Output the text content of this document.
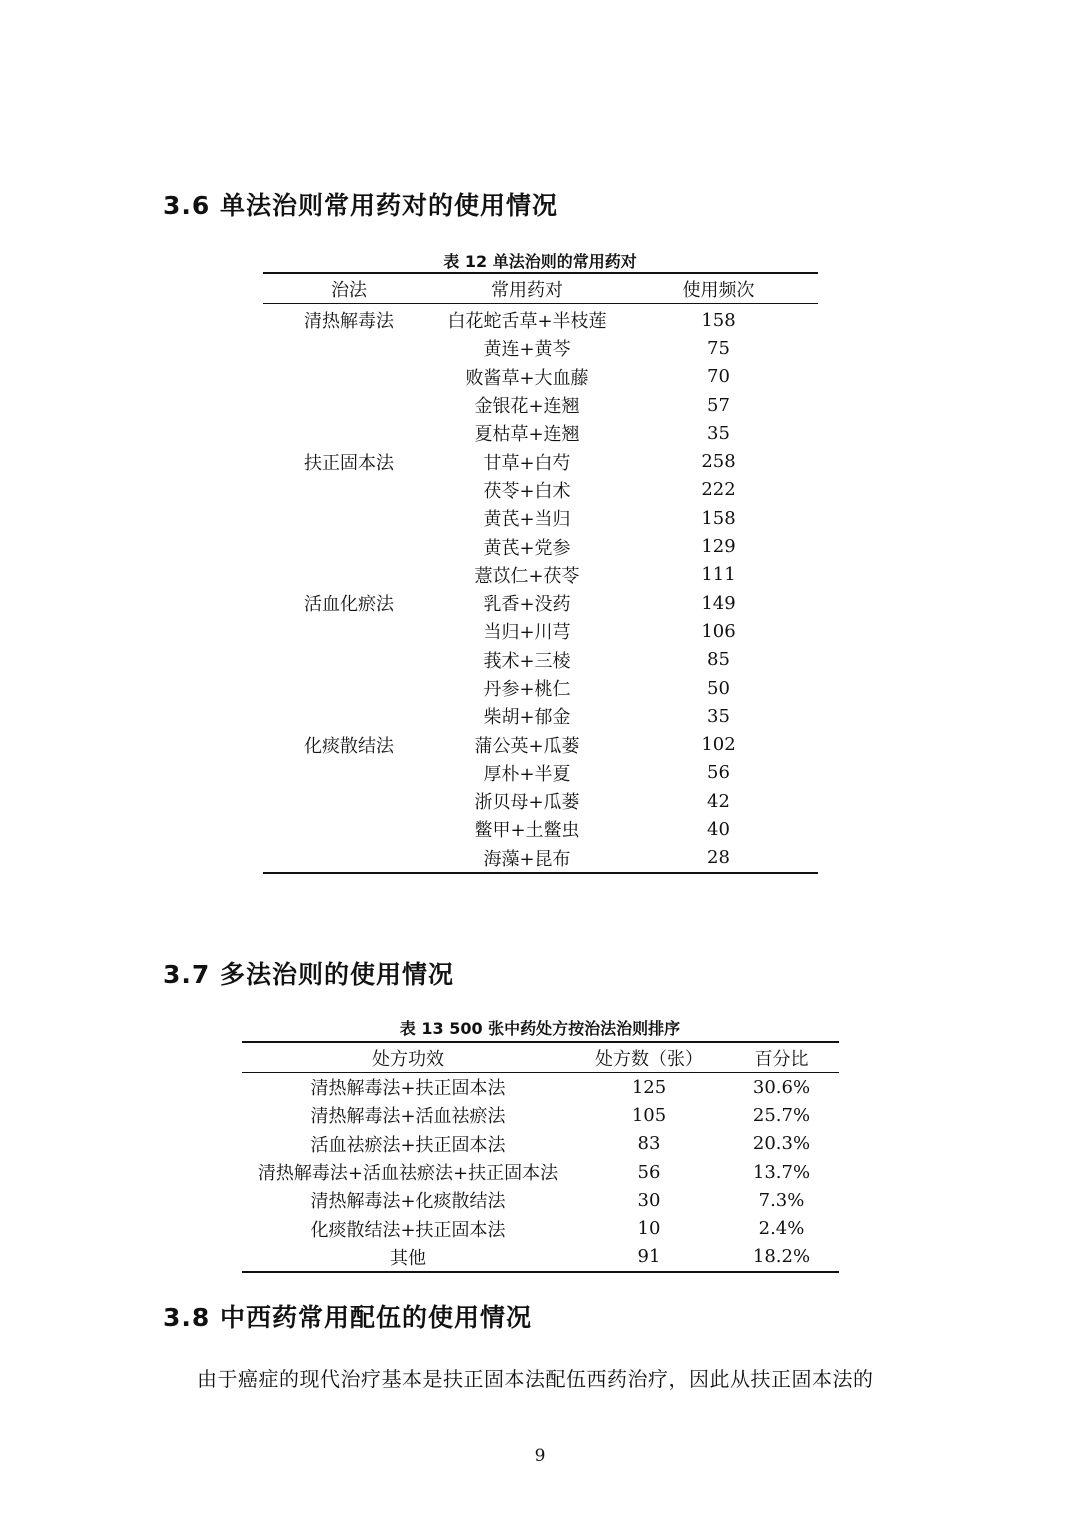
3.6 单法治则常用药对的使用情况
表 12 单法治则的常用药对
治法	常用药对	使用频次
清热解毒法	白花蛇舌草+半枝莲	158
	黄连+黄芩	75
	败酱草+大血藤	70
	金银花+连翘	57
	夏枯草+连翘	35
扶正固本法	甘草+白芍	258
	茯苓+白术	222
	黄芪+当归	158
	黄芪+党参	129
	薏苡仁+茯苓	111
活血化瘀法	乳香+没药	149
	当归+川芎	106
	莪术+三棱	85
	丹参+桃仁	50
	柴胡+郁金	35
化痰散结法	蒲公英+瓜蒌	102
	厚朴+半夏	56
	浙贝母+瓜蒌	42
	鳖甲+土鳖虫	40
	海藻+昆布	28
3.7 多法治则的使用情况
表 13 500 张中药处方按治法治则排序
处方功效	处方数（张）	百分比
清热解毒法+扶正固本法	125	30.6%
清热解毒法+活血祛瘀法	105	25.7%
活血祛瘀法+扶正固本法	83	20.3%
清热解毒法+活血祛瘀法+扶正固本法	56	13.7%
清热解毒法+化痰散结法	30	7.3%
化痰散结法+扶正固本法	10	2.4%
其他	91	18.2%
3.8 中西药常用配伍的使用情况

由于癌症的现代治疗基本是扶正固本法配伍西药治疗，因此从扶正固本法的

9
